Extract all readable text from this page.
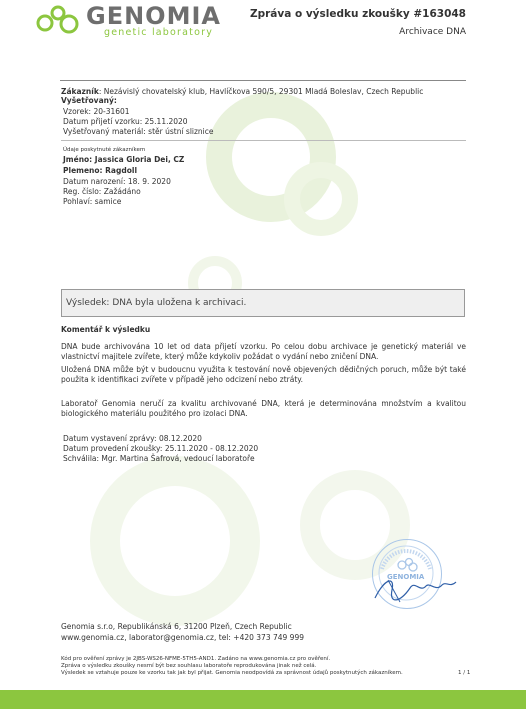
GENOMIA
genetic laboratory
Zpráva o výsledku zkoušky #163048
Archivace DNA
Zákazník: Nezávislý chovatelský klub, Havlíčkova 590/5, 29301 Mladá Boleslav, Czech Republic
Vyšetřovaný:
Vzorek: 20-31601
Datum přijetí vzorku: 25.11.2020
Vyšetřovaný materiál: stěr ústní sliznice
Údaje poskytnuté zákazníkem
Jméno: Jassica Gloria Dei, CZ
Plemeno: Ragdoll
Datum narození: 18. 9. 2020
Reg. číslo: Zažádáno
Pohlaví: samice
Výsledek: DNA byla uložena k archivaci.
Komentář k výsledku
DNA bude archivována 10 let od data přijetí vzorku. Po celou dobu archivace je genetický materiál ve vlastnictví majitele zvířete, který může kdykoliv požádat o vydání nebo zničení DNA.
Uložená DNA může být v budoucnu využita k testování nově objevených dědičných poruch, může být také použita k identifikaci zvířete v případě jeho odcizení nebo ztráty.
Laboratoř Genomia neručí za kvalitu archivované DNA, která je determinována množstvím a kvalitou biologického materiálu použitého pro izolaci DNA.
Datum vystavení zprávy: 08.12.2020
Datum provedení zkoušky: 25.11.2020 - 08.12.2020
Schválila: Mgr. Martina Šafrová, vedoucí laboratoře
GENOMIA
Genomia s.r.o, Republikánská 6, 31200 Plzeň, Czech Republic
www.genomia.cz, laborator@genomia.cz, tel: +420 373 749 999
Kód pro ověření zprávy je 2JBS-WS26-NFME-5TH5-AND1. Zadáno na www.genomia.cz pro ověření.
Zpráva o výsledku zkoušky nesmí být bez souhlasu laboratoře reprodukována jinak než celá.
Výsledek se vztahuje pouze ke vzorku tak jak byl přijat. Genomia neodpovídá za správnost údajů poskytnutých zákazníkem.	1 / 1
